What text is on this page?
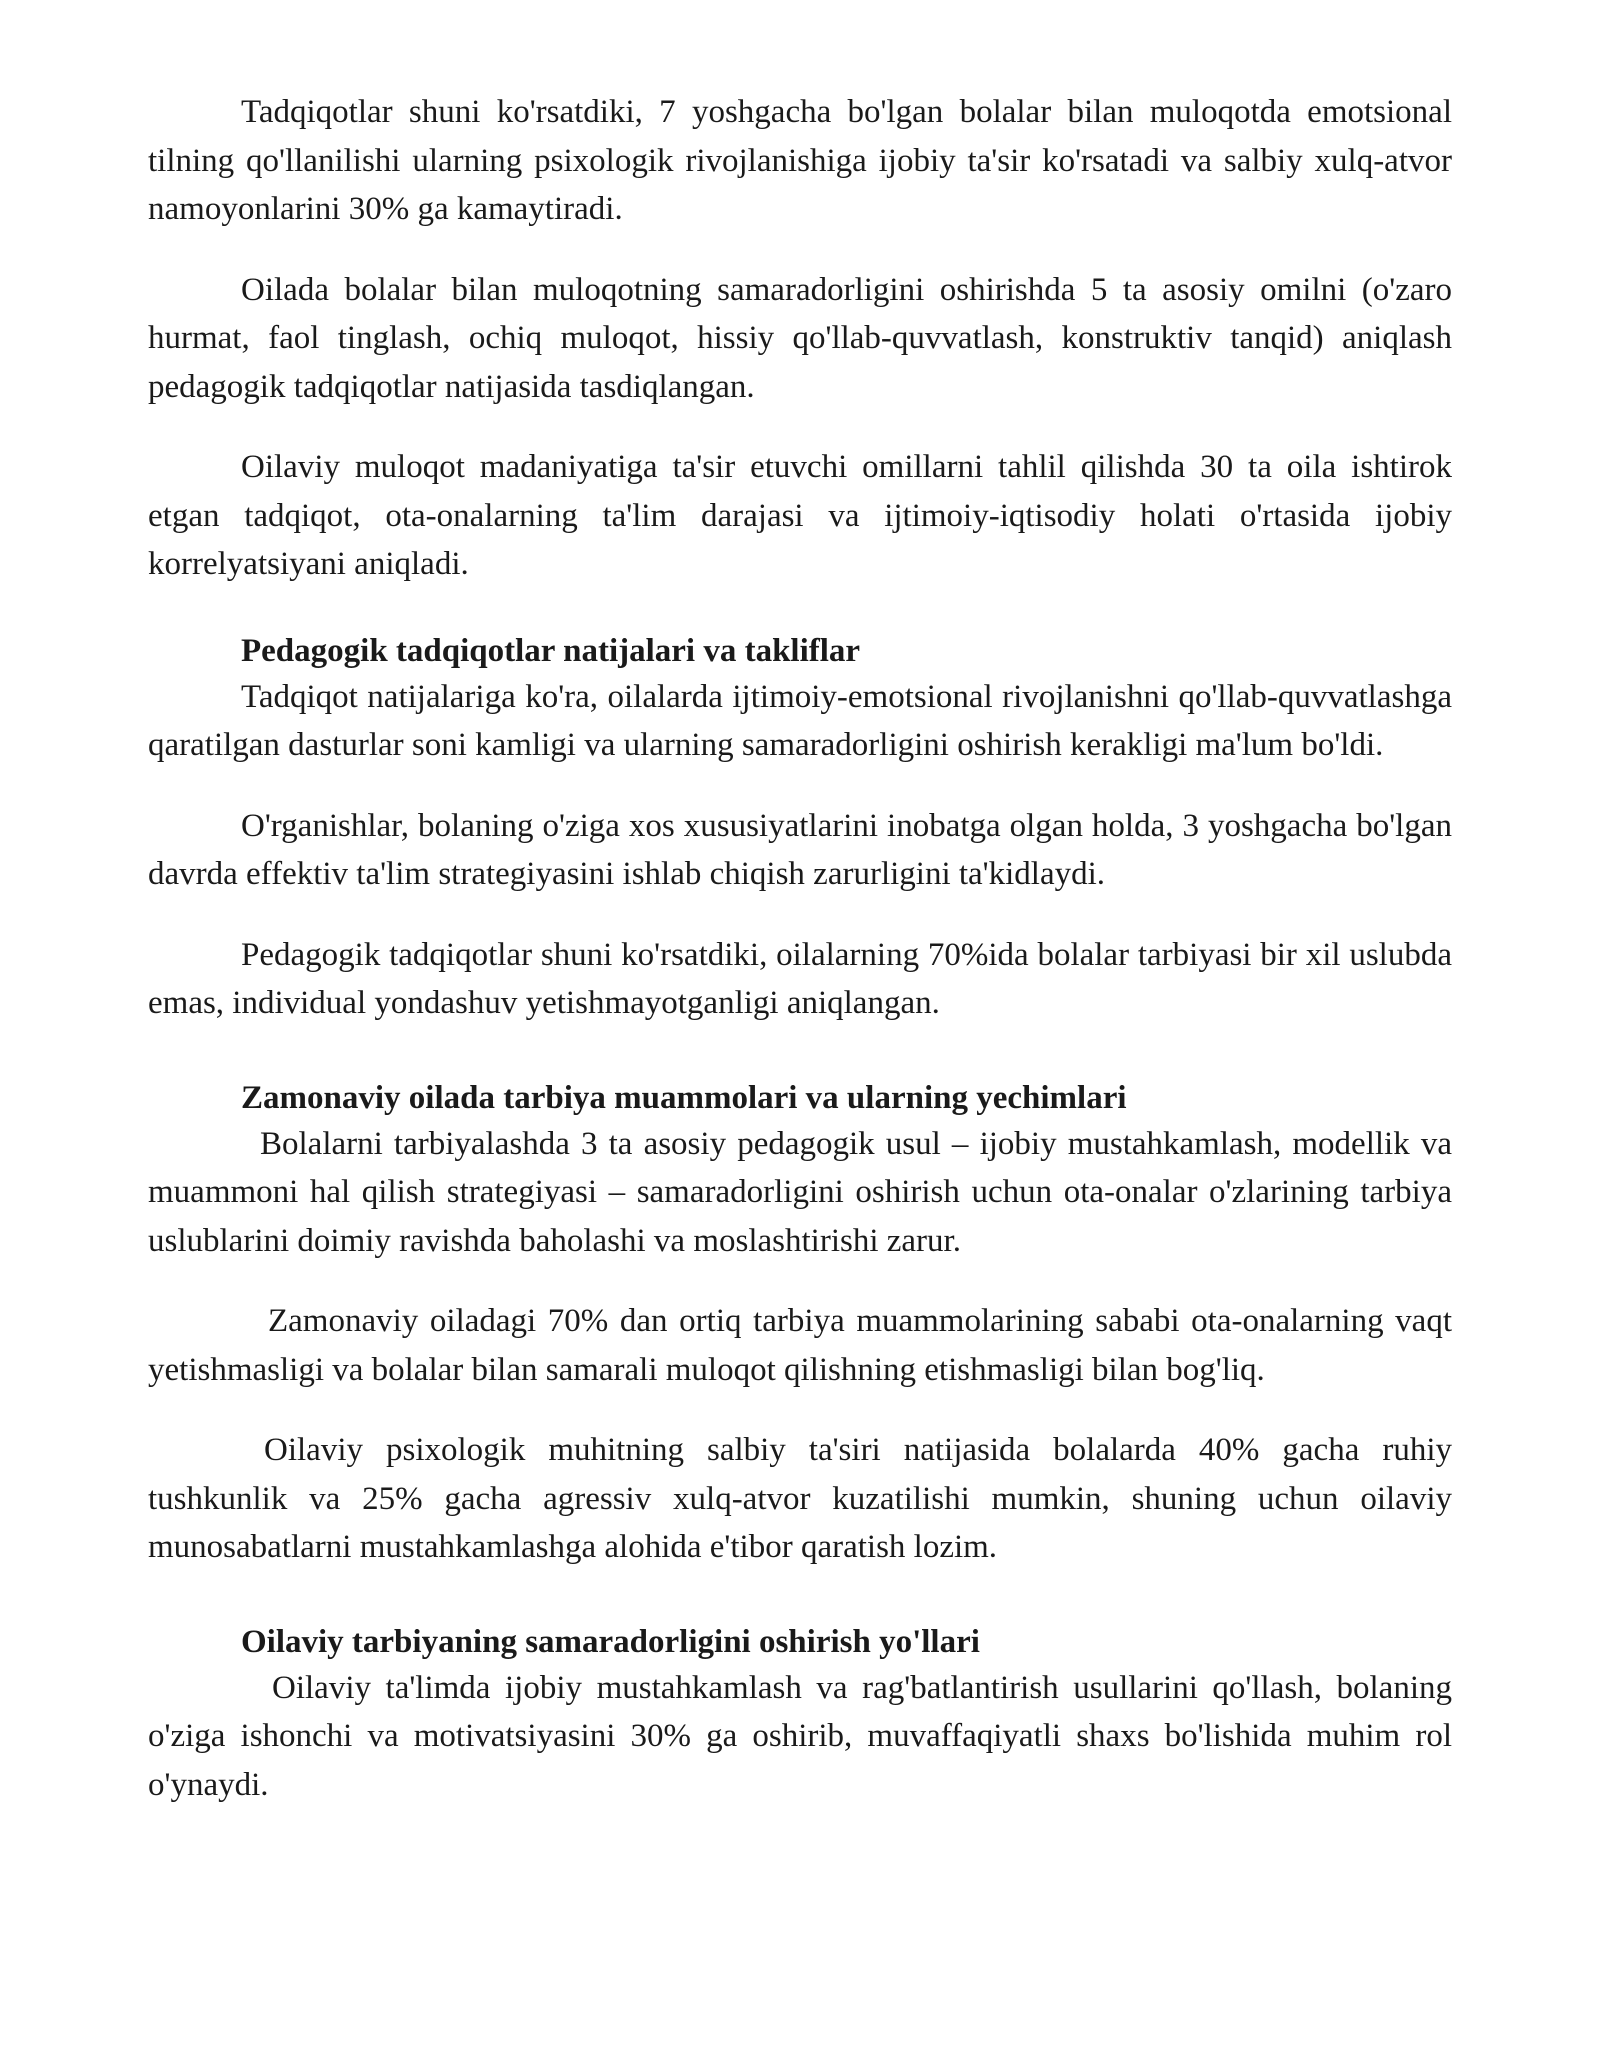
Tadqiqotlar shuni ko'rsatdiki, 7 yoshgacha bo'lgan bolalar bilan muloqotda emotsional tilning qo'llanilishi ularning psixologik rivojlanishiga ijobiy ta'sir ko'rsatadi va salbiy xulq-atvor namoyonlarini 30% ga kamaytiradi.

Oilada bolalar bilan muloqotning samaradorligini oshirishda 5 ta asosiy omilni (o'zaro hurmat, faol tinglash, ochiq muloqot, hissiy qo'llab-quvvatlash, konstruktiv tanqid) aniqlash pedagogik tadqiqotlar natijasida tasdiqlangan.

Oilaviy muloqot madaniyatiga ta'sir etuvchi omillarni tahlil qilishda 30 ta oila ishtirok etgan tadqiqot, ota-onalarning ta'lim darajasi va ijtimoiy-iqtisodiy holati o'rtasida ijobiy korrelyatsiyani aniqladi.

Pedagogik tadqiqotlar natijalari va takliflar

Tadqiqot natijalariga ko'ra, oilalarda ijtimoiy-emotsional rivojlanishni qo'llab-quvvatlashga qaratilgan dasturlar soni kamligi va ularning samaradorligini oshirish kerakligi ma'lum bo'ldi.

O'rganishlar, bolaning o'ziga xos xususiyatlarini inobatga olgan holda, 3 yoshgacha bo'lgan davrda effektiv ta'lim strategiyasini ishlab chiqish zarurligini ta'kidlaydi.

Pedagogik tadqiqotlar shuni ko'rsatdiki, oilalarning 70%ida bolalar tarbiyasi bir xil uslubda emas, individual yondashuv yetishmayotganligi aniqlangan.

Zamonaviy oilada tarbiya muammolari va ularning yechimlari

Bolalarni tarbiyalashda 3 ta asosiy pedagogik usul – ijobiy mustahkamlash, modellik va muammoni hal qilish strategiyasi – samaradorligini oshirish uchun ota-onalar o'zlarining tarbiya uslublarini doimiy ravishda baholashi va moslashtirishi zarur.

Zamonaviy oiladagi 70% dan ortiq tarbiya muammolarining sababi ota-onalarning vaqt yetishmasligi va bolalar bilan samarali muloqot qilishning etishmasligi bilan bog'liq.

Oilaviy psixologik muhitning salbiy ta'siri natijasida bolalarda 40% gacha ruhiy tushkunlik va 25% gacha agressiv xulq-atvor kuzatilishi mumkin, shuning uchun oilaviy munosabatlarni mustahkamlashga alohida e'tibor qaratish lozim.

Oilaviy tarbiyaning samaradorligini oshirish yo'llari

Oilaviy ta'limda ijobiy mustahkamlash va rag'batlantirish usullarini qo'llash, bolaning o'ziga ishonchi va motivatsiyasini 30% ga oshirib, muvaffaqiyatli shaxs bo'lishida muhim rol o'ynaydi.
